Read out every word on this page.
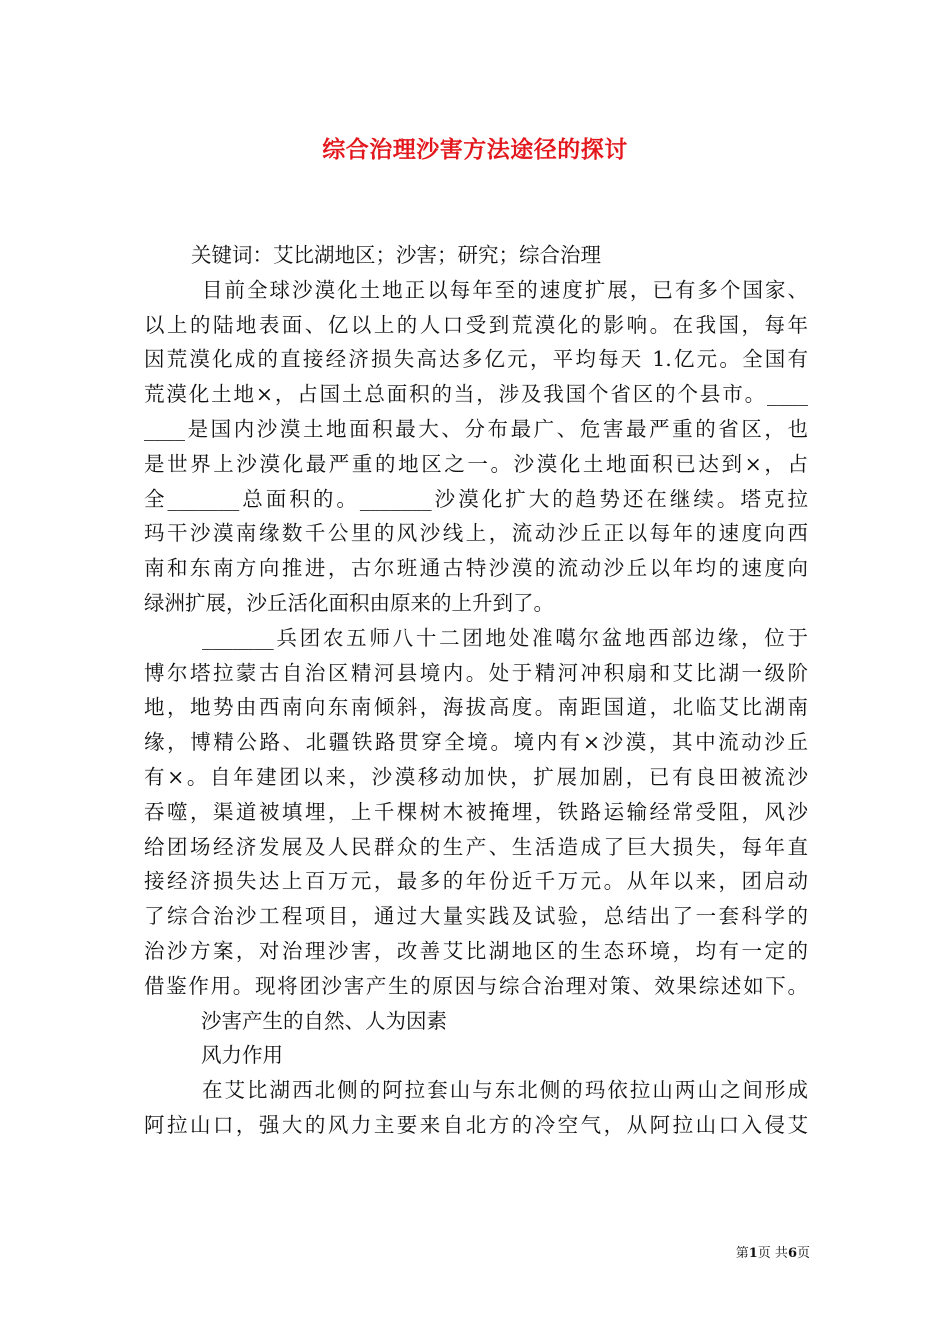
综合治理沙害方法途径的探讨
关键词：艾比湖地区；沙害；研究；综合治理
目前全球沙漠化土地正以每年至的速度扩展，已有多个国家、
以上的陆地表面、亿以上的人口受到荒漠化的影响。在我国，每年
因荒漠化成的直接经济损失高达多亿元，平均每天 1.亿元。全国有
荒漠化土地×，占国土总面积的当，涉及我国个省区的个县市。____
____是国内沙漠土地面积最大、分布最广、危害最严重的省区，也
是世界上沙漠化最严重的地区之一。沙漠化土地面积已达到×，占
全_______总面积的。_______沙漠化扩大的趋势还在继续。塔克拉
玛干沙漠南缘数千公里的风沙线上，流动沙丘正以每年的速度向西
南和东南方向推进，古尔班通古特沙漠的流动沙丘以年均的速度向
绿洲扩展，沙丘活化面积由原来的上升到了。
_______兵团农五师八十二团地处准噶尔盆地西部边缘，位于
博尔塔拉蒙古自治区精河县境内。处于精河冲积扇和艾比湖一级阶
地，地势由西南向东南倾斜，海拔高度。南距国道，北临艾比湖南
缘，博精公路、北疆铁路贯穿全境。境内有×沙漠，其中流动沙丘
有×。自年建团以来，沙漠移动加快，扩展加剧，已有良田被流沙
吞噬，渠道被填埋，上千棵树木被掩埋，铁路运输经常受阻，风沙
给团场经济发展及人民群众的生产、生活造成了巨大损失，每年直
接经济损失达上百万元，最多的年份近千万元。从年以来，团启动
了综合治沙工程项目，通过大量实践及试验，总结出了一套科学的
治沙方案，对治理沙害，改善艾比湖地区的生态环境，均有一定的
借鉴作用。现将团沙害产生的原因与综合治理对策、效果综述如下。
沙害产生的自然、人为因素
风力作用
在艾比湖西北侧的阿拉套山与东北侧的玛依拉山两山之间形成
阿拉山口，强大的风力主要来自北方的冷空气，从阿拉山口入侵艾
第1页 共6页
